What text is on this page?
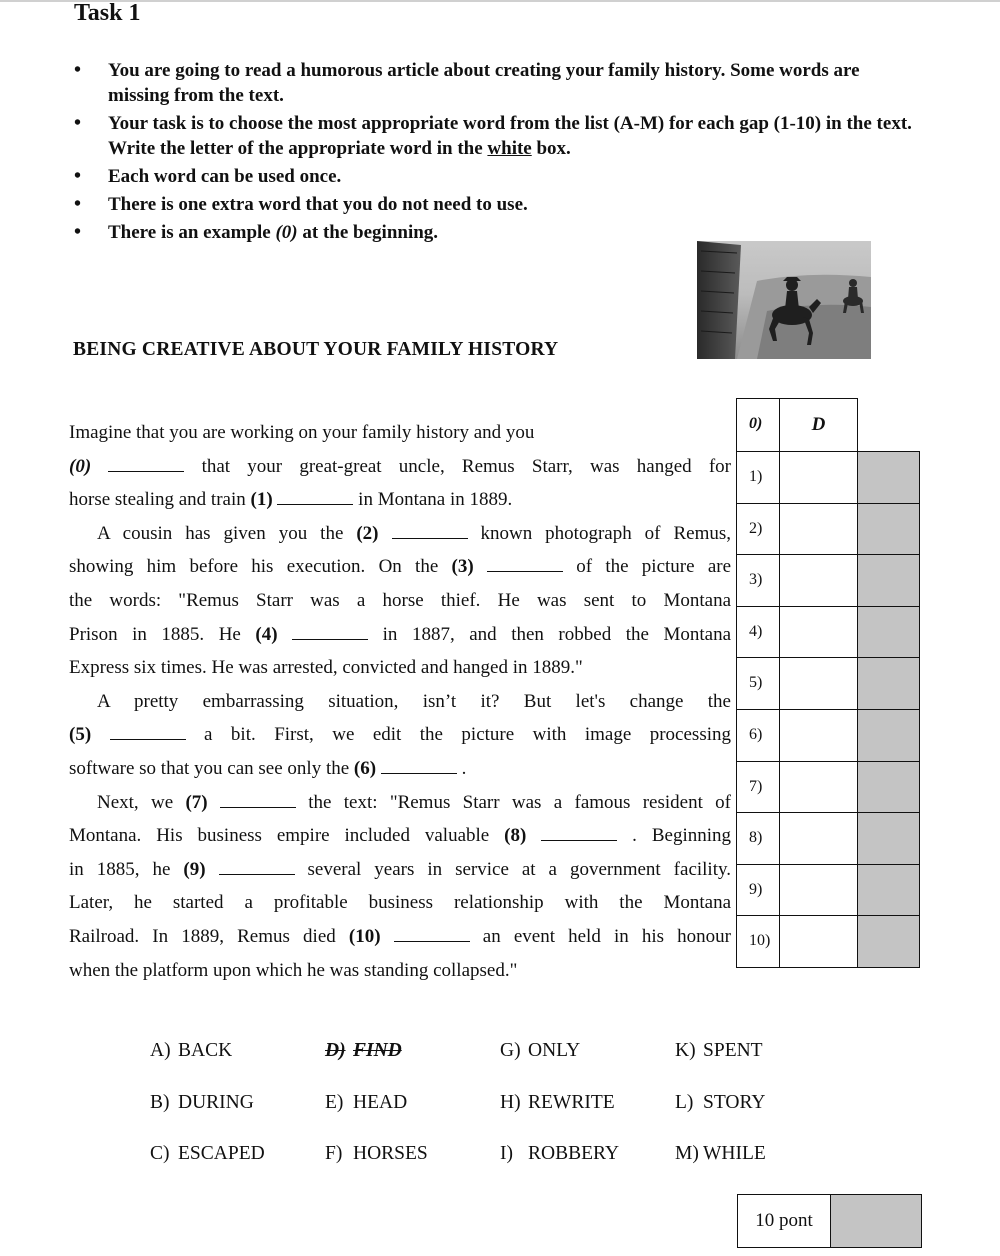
Task 1
• You are going to read a humorous article about creating your family history. Some words are missing from the text.
• Your task is to choose the most appropriate word from the list (A-M) for each gap (1-10) in the text. Write the letter of the appropriate word in the white box.
• Each word can be used once.
• There is one extra word that you do not need to use.
• There is an example (0) at the beginning.
BEING CREATIVE ABOUT YOUR FAMILY HISTORY
Imagine that you are working on your family history and you
(0)	that your great-great uncle, Remus Starr, was hanged for
horse stealing and train (1)	in Montana in 1889.
A cousin has given you the (2)	known photograph of Remus,
showing him before his execution. On the (3)	of the picture are
the words: "Remus Starr was a horse thief. He was sent to Montana
Prison in 1885. He (4)	in 1887, and then robbed the Montana
Express six times. He was arrested, convicted and hanged in 1889."
A pretty embarrassing situation, isn’t it? But let's change the
(5)	a bit. First, we edit the picture with image processing
software so that you can see only the (6)	.
Next, we (7)	the text: "Remus Starr was a famous resident of
Montana. His business empire included valuable (8)	. Beginning
in 1885, he (9)	several years in service at a government facility.
Later, he started a profitable business relationship with the Montana
Railroad. In 1889, Remus died (10)	an event held in his honour
when the platform upon which he was standing collapsed."
0)	D	
1)		
2)		
3)		
4)		
5)		
6)		
7)		
8)		
9)		
10)		
A) BACK	D) FIND	G) ONLY	K) SPENT
B) DURING	E) HEAD	H) REWRITE	L) STORY
C) ESCAPED	F) HORSES	I) ROBBERY	M) WHILE
10 pont	
